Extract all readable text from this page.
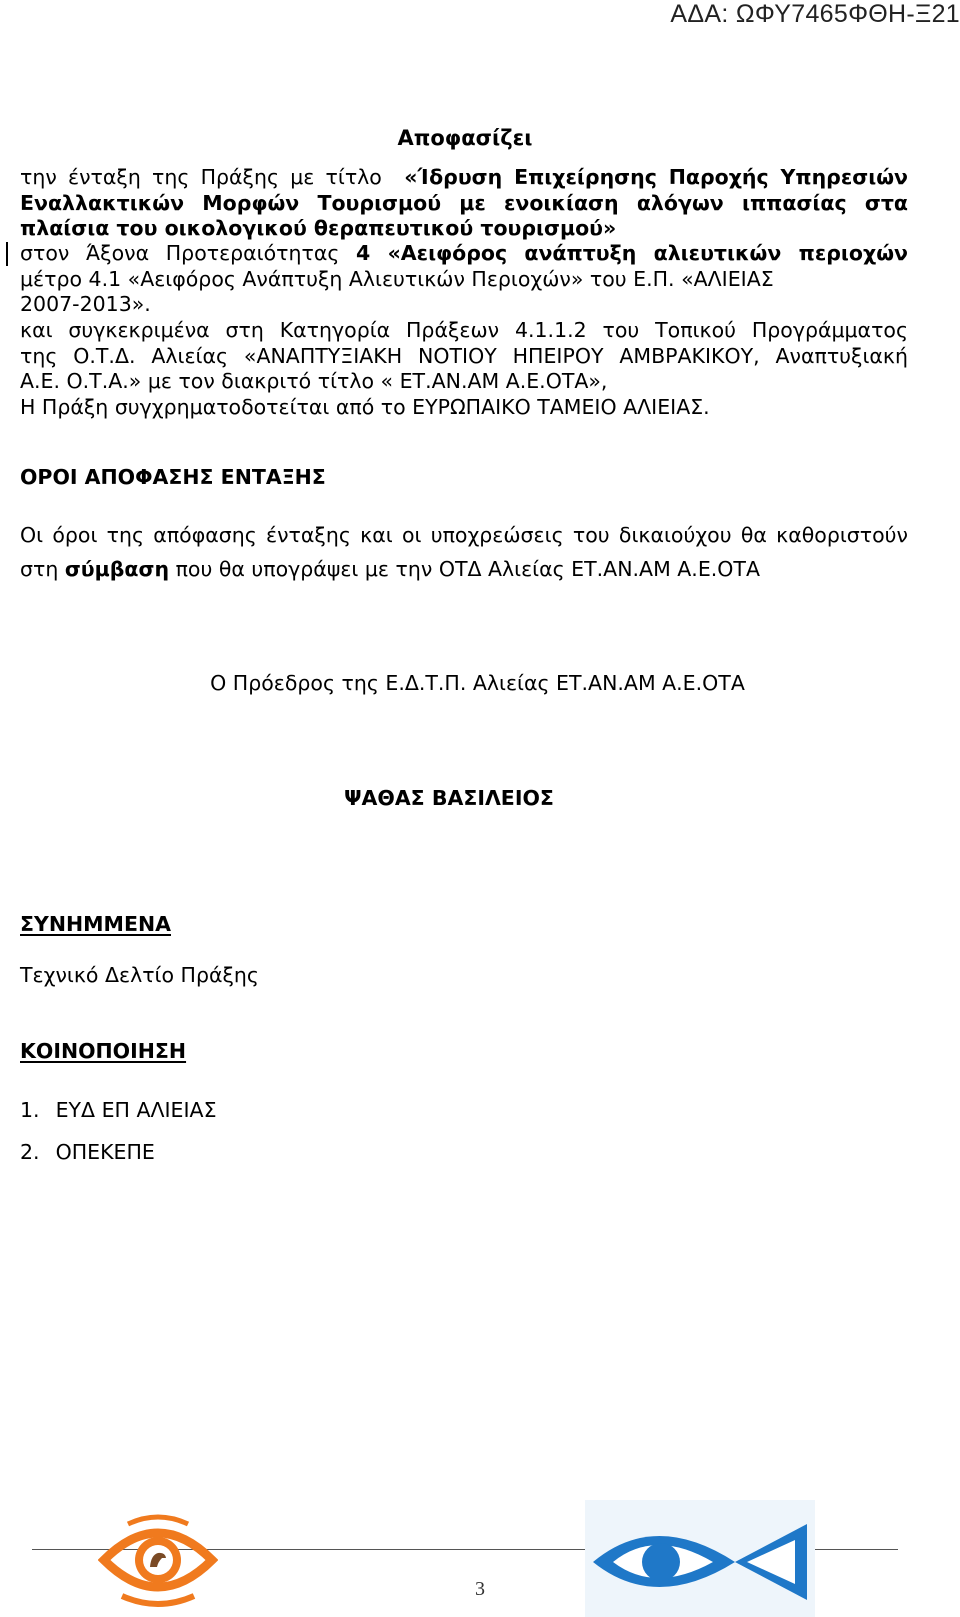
ΑΔΑ: ΩΦΥ7465ΦΘΗ-Ξ21
Αποφασίζει
την ένταξη της Πράξης με τίτλο  «Ίδρυση Επιχείρησης Παροχής Υπηρεσιών
Εναλλακτικών Μορφών Τουρισμού με ενοικίαση αλόγων ιππασίας στα
πλαίσια του οικολογικού θεραπευτικού τουρισμού»
στον Άξονα Προτεραιότητας 4 «Αειφόρος ανάπτυξη αλιευτικών περιοχών
μέτρο 4.1 «Αειφόρος Ανάπτυξη Αλιευτικών Περιοχών» του Ε.Π. «ΑΛΙΕΙΑΣ
2007-2013».
και συγκεκριμένα στη Κατηγορία Πράξεων 4.1.1.2 του Τοπικού Προγράμματος
της Ο.Τ.Δ. Αλιείας «ΑΝΑΠΤΥΞΙΑΚΗ ΝΟΤΙΟΥ ΗΠΕΙΡΟΥ ΑΜΒΡΑΚΙΚΟΥ, Αναπτυξιακή
Α.Ε. Ο.Τ.Α.» με τον διακριτό τίτλο « ΕΤ.ΑΝ.ΑΜ Α.Ε.ΟΤΑ»,
Η Πράξη συγχρηματοδοτείται από το ΕΥΡΩΠΑΙΚΟ ΤΑΜΕΙΟ ΑΛΙΕΙΑΣ.
ΟΡΟΙ ΑΠΟΦΑΣΗΣ ΕΝΤΑΞΗΣ
Οι όροι της απόφασης ένταξης και οι υποχρεώσεις του δικαιούχου θα καθοριστούν
στη σύμβαση που θα υπογράψει με την ΟΤΔ Αλιείας ΕΤ.ΑΝ.ΑΜ Α.Ε.ΟΤΑ
Ο Πρόεδρος της Ε.Δ.Τ.Π. Αλιείας ΕΤ.ΑΝ.ΑΜ Α.Ε.ΟΤΑ
ΨΑΘΑΣ ΒΑΣΙΛΕΙΟΣ
ΣΥΝΗΜΜΕΝΑ
Τεχνικό Δελτίο Πράξης
ΚΟΙΝΟΠΟΙΗΣΗ
1. ΕΥΔ ΕΠ ΑΛΙΕΙΑΣ
2. ΟΠΕΚΕΠΕ
3
